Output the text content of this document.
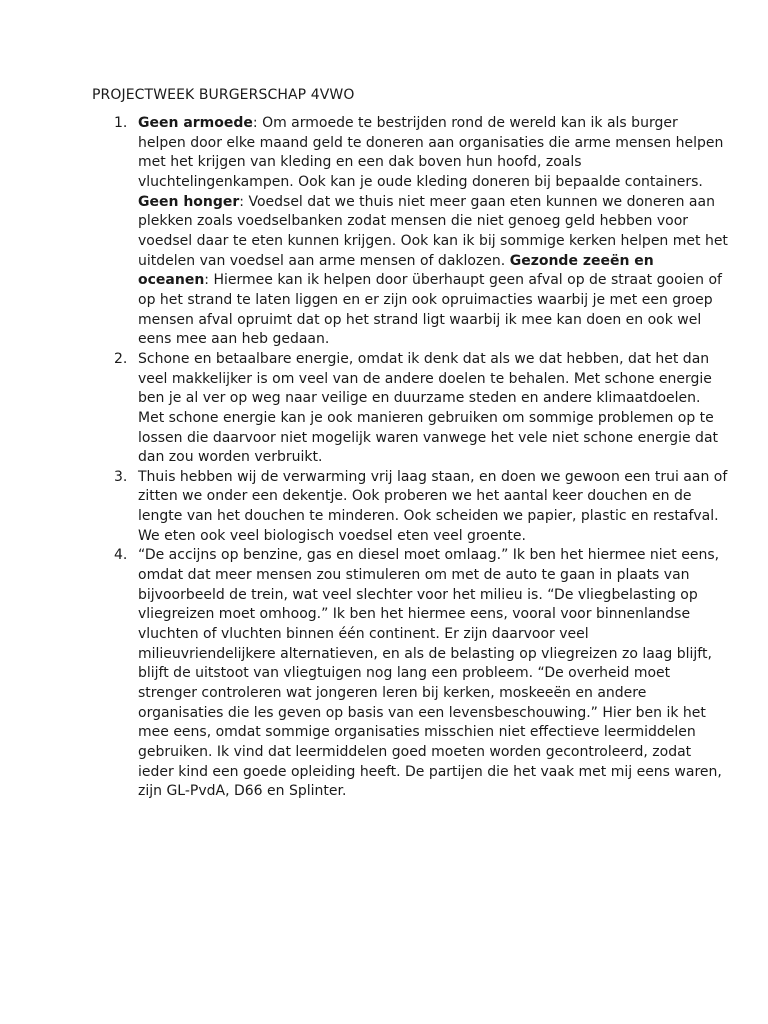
PROJECTWEEK BURGERSCHAP 4VWO
Geen armoede: Om armoede te bestrijden rond de wereld kan ik als burger helpen door elke maand geld te doneren aan organisaties die arme mensen helpen met het krijgen van kleding en een dak boven hun hoofd, zoals vluchtelingenkampen. Ook kan je oude kleding doneren bij bepaalde containers. Geen honger: Voedsel dat we thuis niet meer gaan eten kunnen we doneren aan plekken zoals voedselbanken zodat mensen die niet genoeg geld hebben voor voedsel daar te eten kunnen krijgen. Ook kan ik bij sommige kerken helpen met het uitdelen van voedsel aan arme mensen of daklozen. Gezonde zeeën en oceanen: Hiermee kan ik helpen door überhaupt geen afval op de straat gooien of op het strand te laten liggen en er zijn ook opruimacties waarbij je met een groep mensen afval opruimt dat op het strand ligt waarbij ik mee kan doen en ook wel eens mee aan heb gedaan.
Schone en betaalbare energie, omdat ik denk dat als we dat hebben, dat het dan veel makkelijker is om veel van de andere doelen te behalen. Met schone energie ben je al ver op weg naar veilige en duurzame steden en andere klimaatdoelen. Met schone energie kan je ook manieren gebruiken om sommige problemen op te lossen die daarvoor niet mogelijk waren vanwege het vele niet schone energie dat dan zou worden verbruikt.
Thuis hebben wij de verwarming vrij laag staan, en doen we gewoon een trui aan of zitten we onder een dekentje. Ook proberen we het aantal keer douchen en de lengte van het douchen te minderen. Ook scheiden we papier, plastic en restafval. We eten ook veel biologisch voedsel eten veel groente.
“De accijns op benzine, gas en diesel moet omlaag.” Ik ben het hiermee niet eens, omdat dat meer mensen zou stimuleren om met de auto te gaan in plaats van bijvoorbeeld de trein, wat veel slechter voor het milieu is. “De vliegbelasting op vliegreizen moet omhoog.” Ik ben het hiermee eens, vooral voor binnenlandse vluchten of vluchten binnen één continent. Er zijn daarvoor veel milieuvriendelijkere alternatieven, en als de belasting op vliegreizen zo laag blijft, blijft de uitstoot van vliegtuigen nog lang een probleem. “De overheid moet strenger controleren wat jongeren leren bij kerken, moskeeën en andere organisaties die les geven op basis van een levensbeschouwing.” Hier ben ik het mee eens, omdat sommige organisaties misschien niet effectieve leermiddelen gebruiken. Ik vind dat leermiddelen goed moeten worden gecontroleerd, zodat ieder kind een goede opleiding heeft. De partijen die het vaak met mij eens waren, zijn GL-PvdA, D66 en Splinter.
